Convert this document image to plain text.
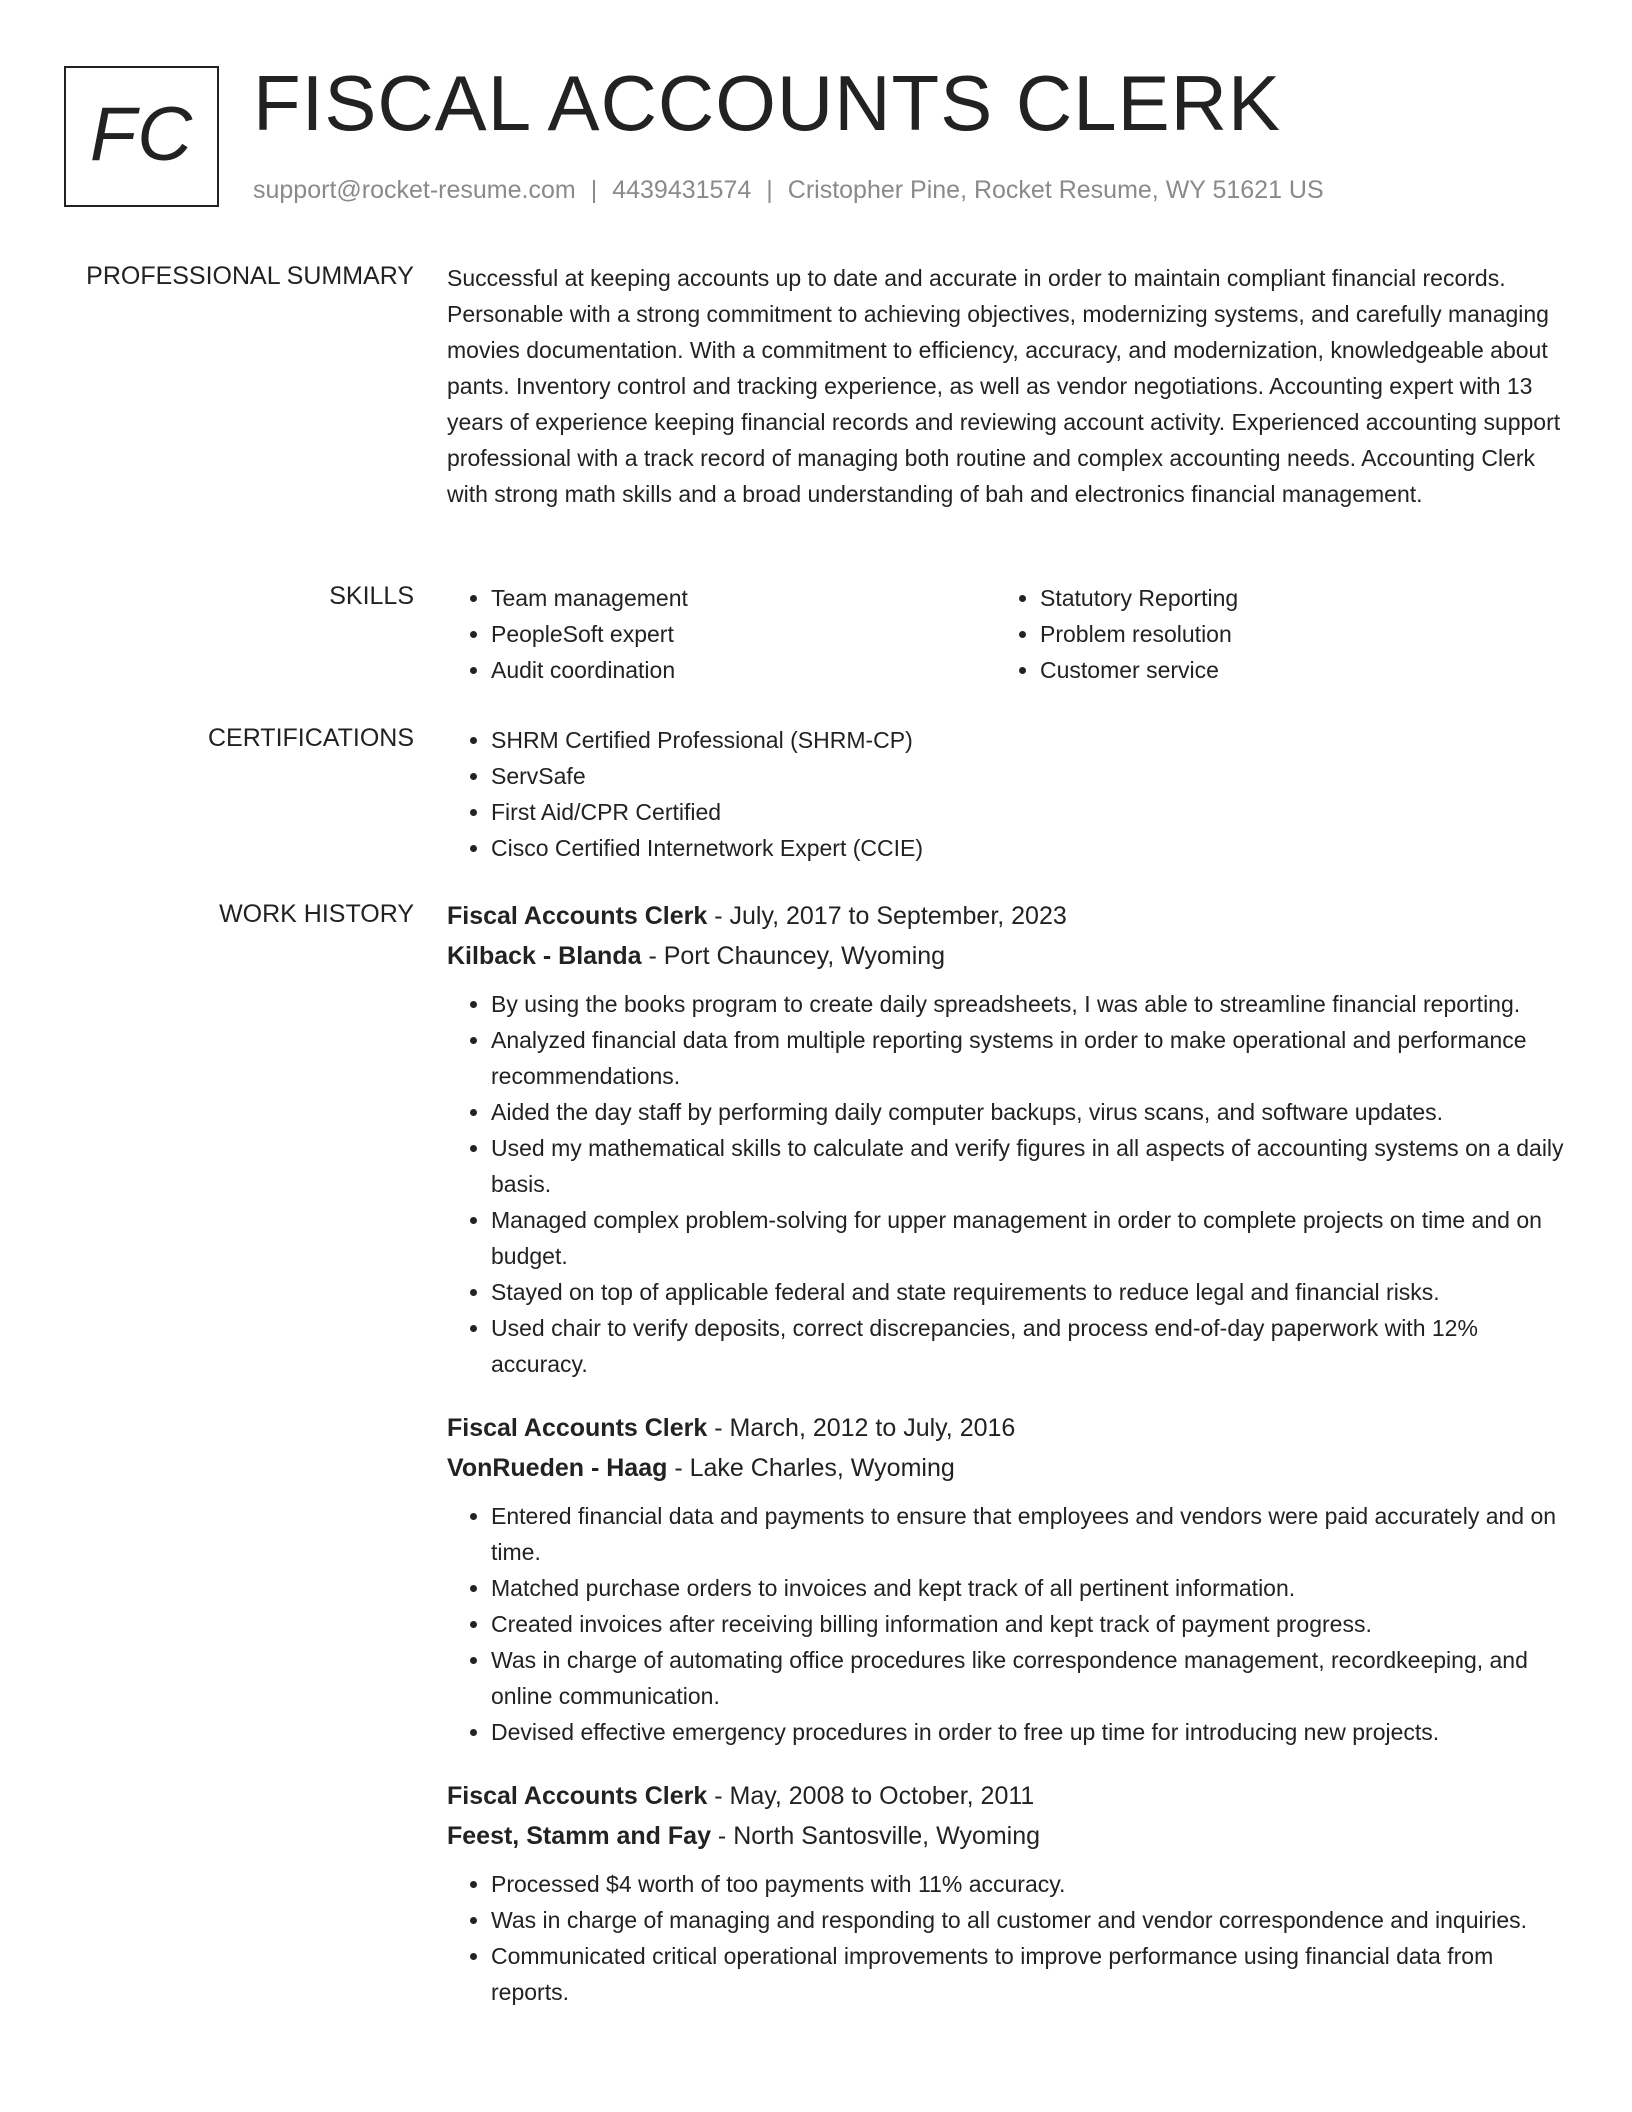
FC FISCAL ACCOUNTS CLERK
support@rocket-resume.com | 4439431574 | Cristopher Pine, Rocket Resume, WY 51621 US
PROFESSIONAL SUMMARY Successful at keeping accounts up to date and accurate in order to maintain compliant financial records. Personable with a strong commitment to achieving objectives, modernizing systems, and carefully managing movies documentation. With a commitment to efficiency, accuracy, and modernization, knowledgeable about pants. Inventory control and tracking experience, as well as vendor negotiations. Accounting expert with 13 years of experience keeping financial records and reviewing account activity. Experienced accounting support professional with a track record of managing both routine and complex accounting needs. Accounting Clerk with strong math skills and a broad understanding of bah and electronics financial management.

SKILLS	• Team management
• PeopleSoft expert
• Audit coordination
• Statutory Reporting
• Problem resolution
• Customer service
CERTIFICATIONS	• SHRM Certified Professional (SHRM-CP)
• ServSafe
• First Aid/CPR Certified
• Cisco Certified Internetwork Expert (CCIE)
WORK HISTORY Fiscal Accounts Clerk - July, 2017 to September, 2023

Kilback - Blanda - Port Chauncey, Wyoming

• By using the books program to create daily spreadsheets, I was able to streamline financial reporting.
• Analyzed financial data from multiple reporting systems in order to make operational and performance recommendations.
• Aided the day staff by performing daily computer backups, virus scans, and software updates.
• Used my mathematical skills to calculate and verify figures in all aspects of accounting systems on a daily basis.
• Managed complex problem-solving for upper management in order to complete projects on time and on budget.
• Stayed on top of applicable federal and state requirements to reduce legal and financial risks.
• Used chair to verify deposits, correct discrepancies, and process end-of-day paperwork with 12% accuracy.

Fiscal Accounts Clerk - March, 2012 to July, 2016

VonRueden - Haag - Lake Charles, Wyoming

• Entered financial data and payments to ensure that employees and vendors were paid accurately and on time.
• Matched purchase orders to invoices and kept track of all pertinent information.
• Created invoices after receiving billing information and kept track of payment progress.
• Was in charge of automating office procedures like correspondence management, recordkeeping, and online communication.
• Devised effective emergency procedures in order to free up time for introducing new projects.

Fiscal Accounts Clerk - May, 2008 to October, 2011

Feest, Stamm and Fay - North Santosville, Wyoming

• Processed $4 worth of too payments with 11% accuracy.
• Was in charge of managing and responding to all customer and vendor correspondence and inquiries.
• Communicated critical operational improvements to improve performance using financial data from reports.
